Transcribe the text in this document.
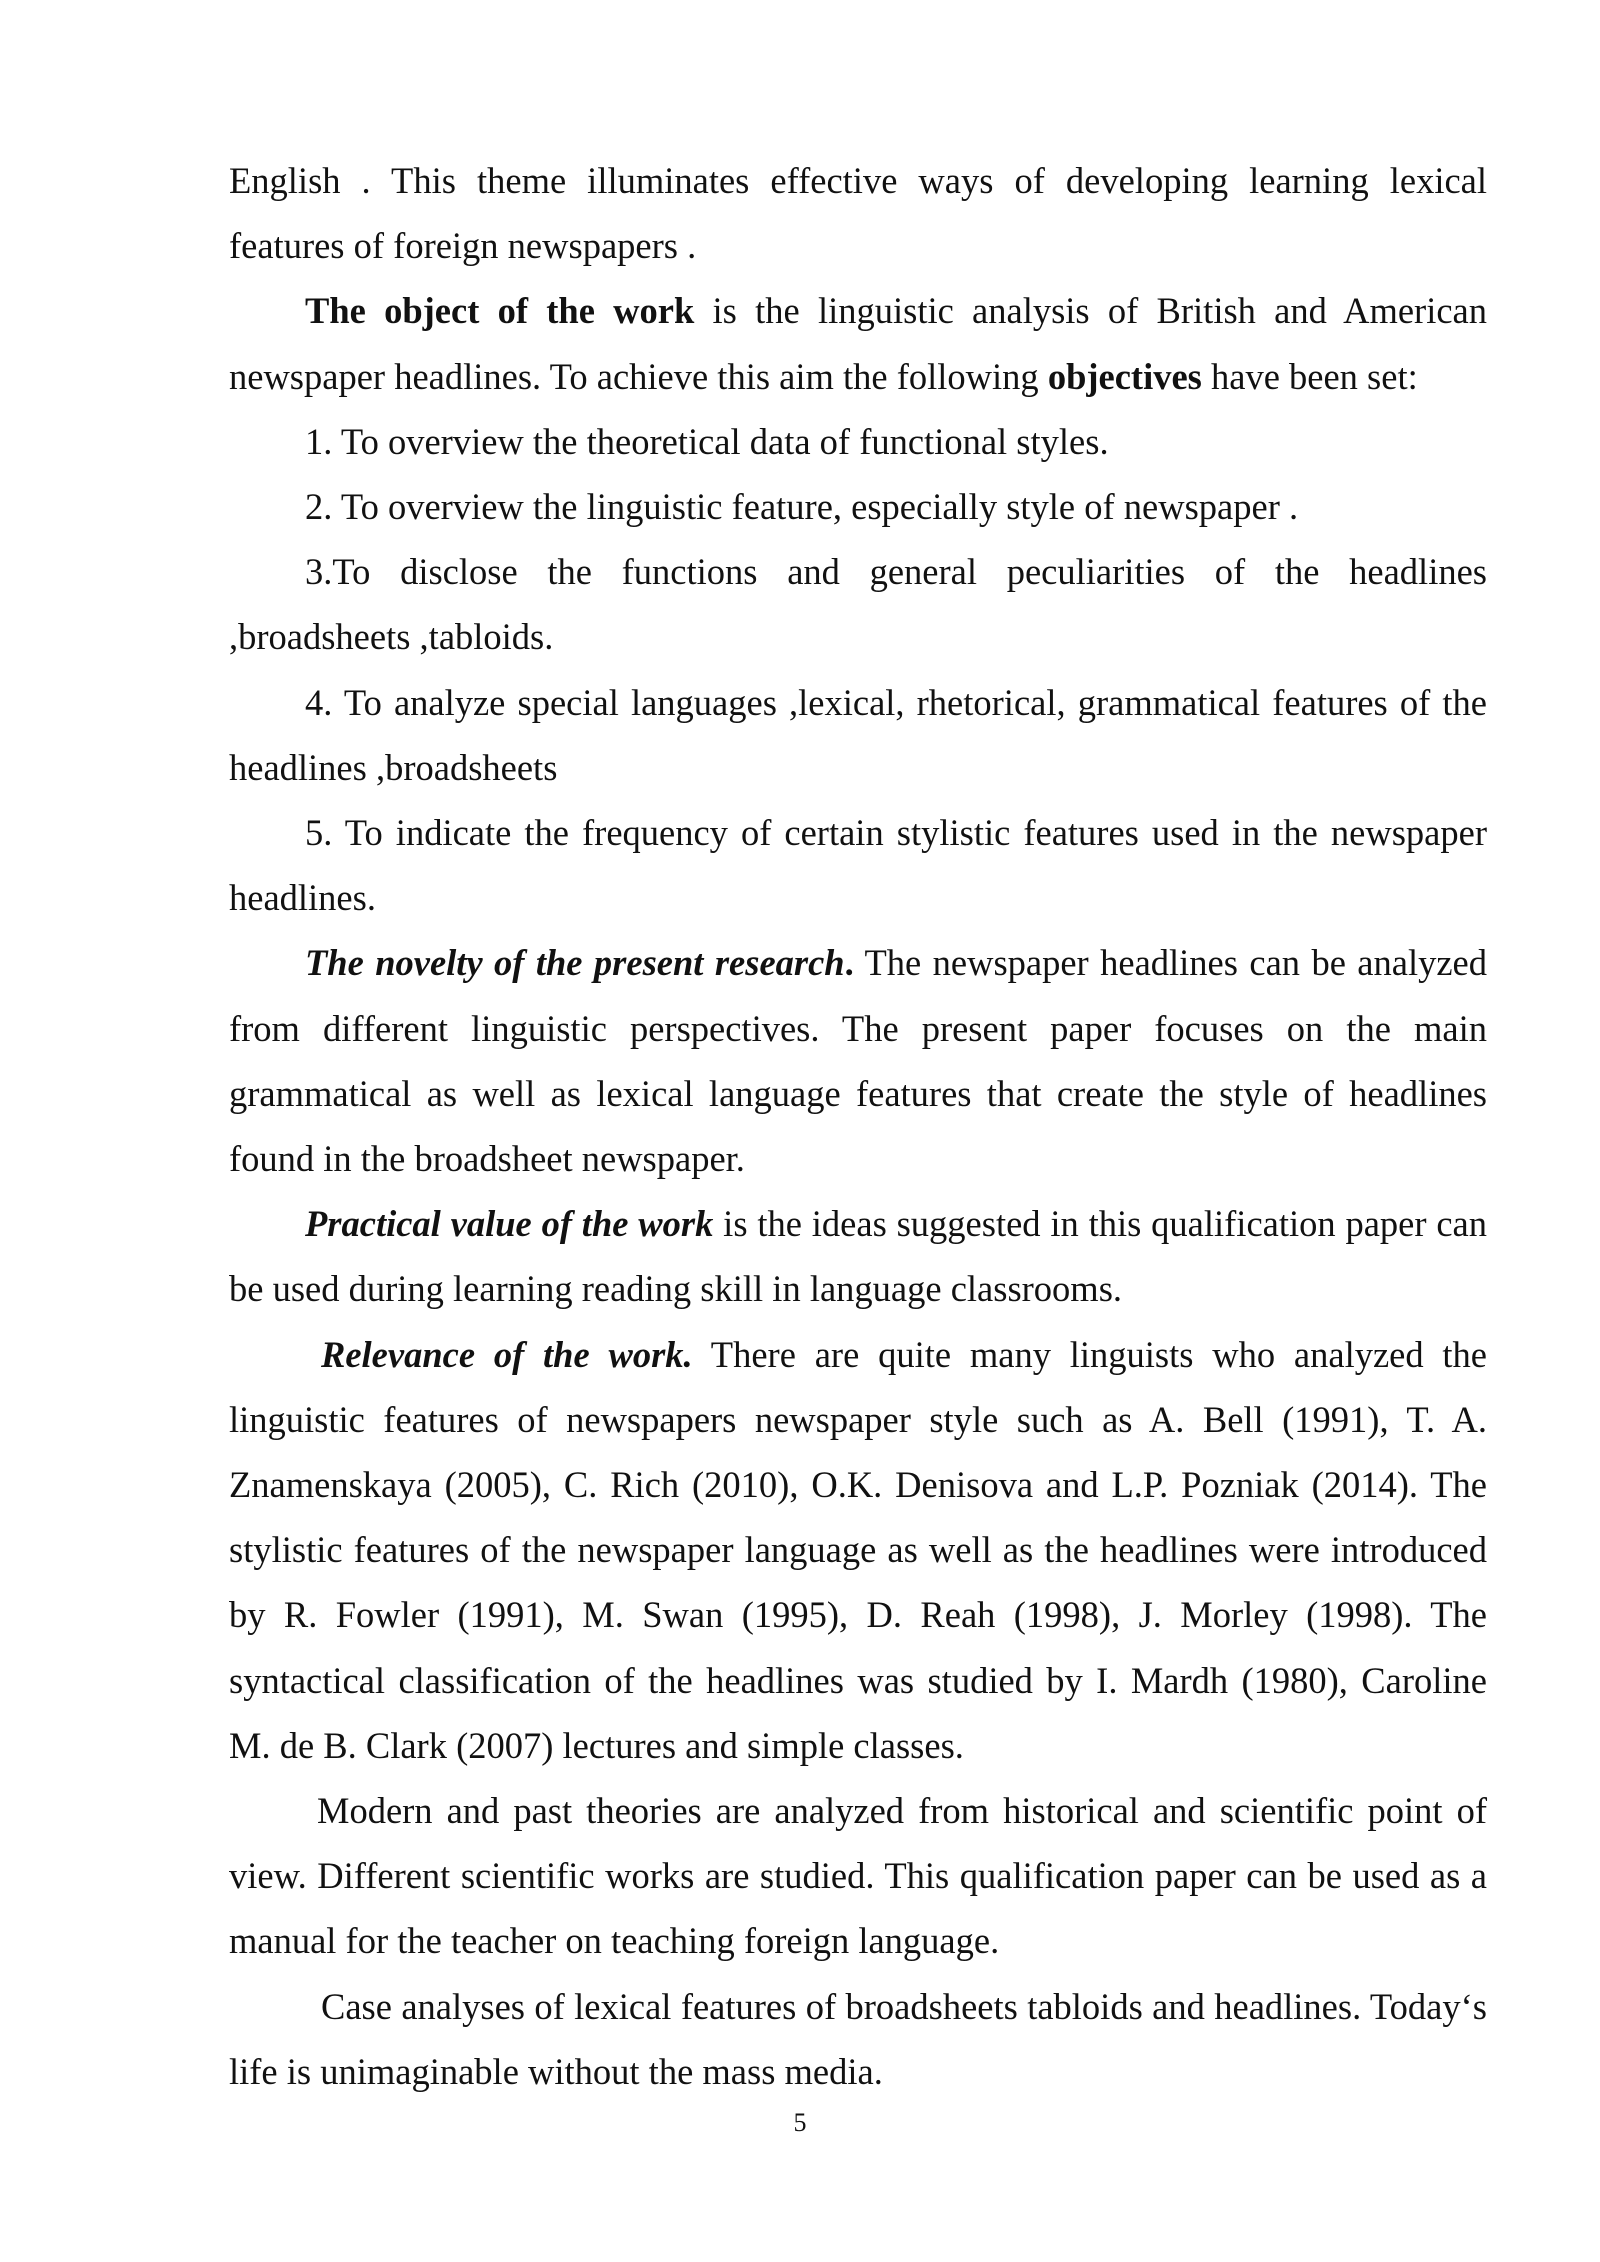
English . This theme illuminates effective ways of developing learning lexical features of foreign newspapers .

The object of the work is the linguistic analysis of British and American newspaper headlines. To achieve this aim the following objectives have been set:

1. To overview the theoretical data of functional styles.

2. To overview the linguistic feature, especially style of newspaper .

3.To disclose the functions and general peculiarities of the headlines ,broadsheets ,tabloids.

4. To analyze special languages ,lexical, rhetorical, grammatical features of the headlines ,broadsheets

5. To indicate the frequency of certain stylistic features used in the newspaper headlines.

The novelty of the present research. The newspaper headlines can be analyzed from different linguistic perspectives. The present paper focuses on the main grammatical as well as lexical language features that create the style of headlines found in the broadsheet newspaper.

Practical value of the work is the ideas suggested in this qualification paper can be used during learning reading skill in language classrooms.

Relevance of the work. There are quite many linguists who analyzed the linguistic features of newspapers newspaper style such as A. Bell (1991), T. A. Znamenskaya (2005), C. Rich (2010), O.K. Denisova and L.P. Pozniak (2014). The stylistic features of the newspaper language as well as the headlines were introduced by R. Fowler (1991), M. Swan (1995), D. Reah (1998), J. Morley (1998). The syntactical classification of the headlines was studied by I. Mardh (1980), Caroline M. de B. Clark (2007) lectures and simple classes.

Modern and past theories are analyzed from historical and scientific point of view. Different scientific works are studied. This qualification paper can be used as a manual for the teacher on teaching foreign language.

Case analyses of lexical features of broadsheets tabloids and headlines. Today‘s life is unimaginable without the mass media.

5
